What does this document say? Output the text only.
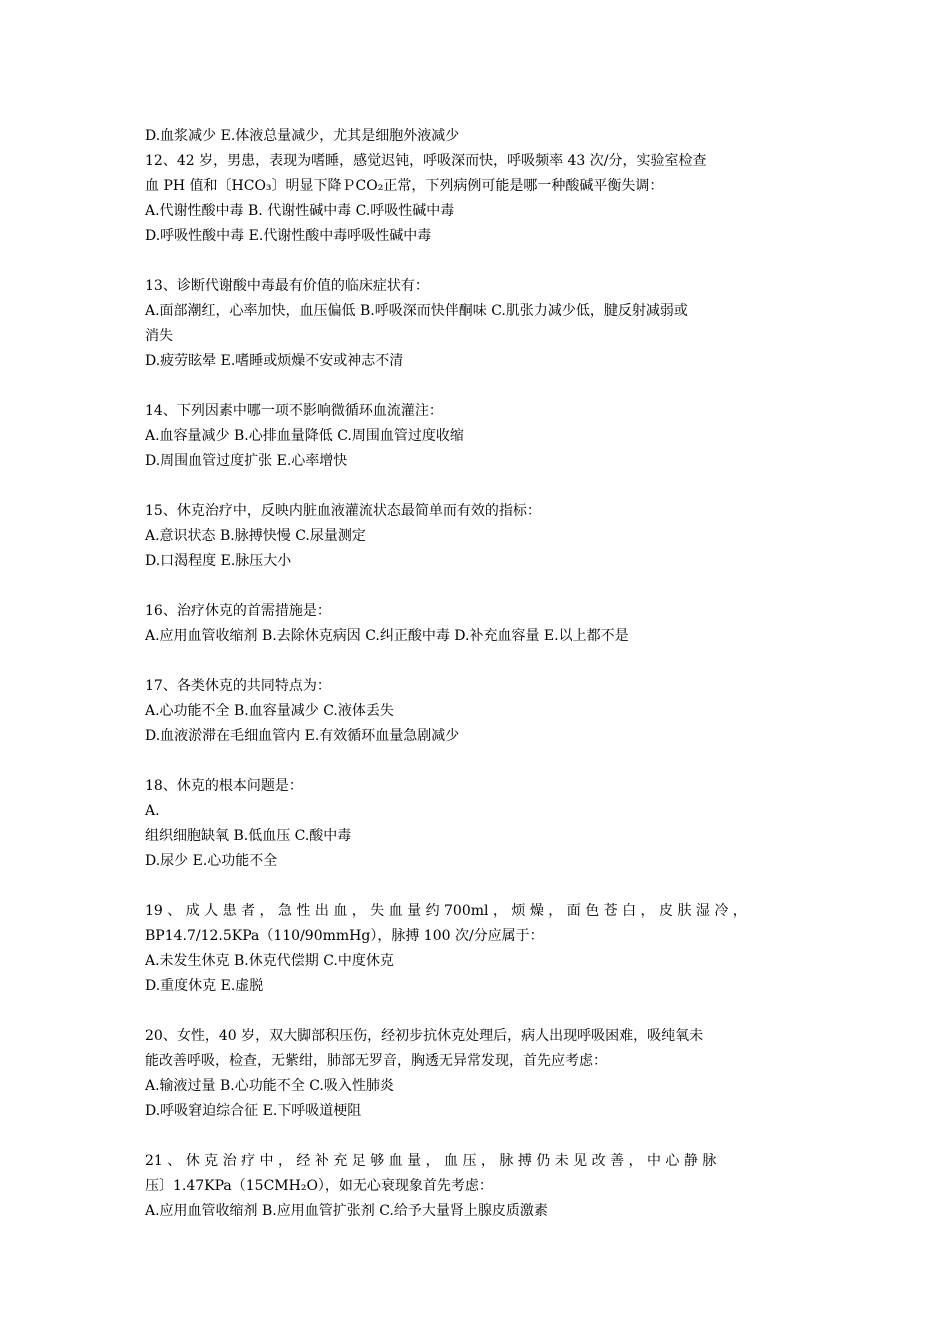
D.血浆减少 E.体液总量减少，尤其是细胞外液减少
12、42 岁，男患，表现为嗜睡，感觉迟钝，呼吸深而快，呼吸频率 43 次/分，实验室检查
血 PH 值和〔HCO₃〕明显下降ＰCO₂正常，下列病例可能是哪一种酸碱平衡失调：
A.代谢性酸中毒 B. 代谢性碱中毒 C.呼吸性碱中毒
D.呼吸性酸中毒 E.代谢性酸中毒呼吸性碱中毒
13、诊断代谢酸中毒最有价值的临床症状有：
A.面部潮红，心率加快，血压偏低 B.呼吸深而快伴酮味 C.肌张力减少低，腱反射减弱或
消失
D.疲劳眩晕 E.嗜睡或烦燥不安或神志不清
14、下列因素中哪一项不影响微循环血流灌注：
A.血容量减少 B.心排血量降低 C.周围血管过度收缩
D.周围血管过度扩张 E.心率增快
15、休克治疗中，反映内脏血液灌流状态最简单而有效的指标：
A.意识状态 B.脉搏快慢 C.尿量测定
D.口渴程度 E.脉压大小
16、治疗休克的首需措施是：
A.应用血管收缩剂 B.去除休克病因 C.纠正酸中毒 D.补充血容量 E.以上都不是
17、各类休克的共同特点为：
A.心功能不全 B.血容量减少 C.液体丢失
D.血液淤滞在毛细血管内 E.有效循环血量急剧减少
18、休克的根本问题是：
A.
组织细胞缺氧 B.低血压 C.酸中毒
D.尿少 E.心功能不全
19 、 成 人 患 者 ， 急 性 出 血 ， 失 血 量 约 700ml ， 烦 燥 ， 面 色 苍 白 ， 皮 肤 湿 冷 ，
BP14.7/12.5KPa（110/90mmHg），脉搏 100 次/分应属于：
A.未发生休克 B.休克代偿期 C.中度休克
D.重度休克 E.虚脱
20、女性，40 岁，双大脚部积压伤，经初步抗休克处理后，病人出现呼吸困难，吸纯氧未
能改善呼吸，检查，无紫绀，肺部无罗音，胸透无异常发现，首先应考虑：
A.输液过量 B.心功能不全 C.吸入性肺炎
D.呼吸窘迫综合征 E.下呼吸道梗阻
21 、 休 克 治 疗 中 ， 经 补 充 足 够 血 量 ， 血 压 ， 脉 搏 仍 未 见 改 善 ， 中 心 静 脉
压〕1.47KPa（15CMH₂O），如无心衰现象首先考虑：
A.应用血管收缩剂 B.应用血管扩张剂 C.给予大量肾上腺皮质激素
